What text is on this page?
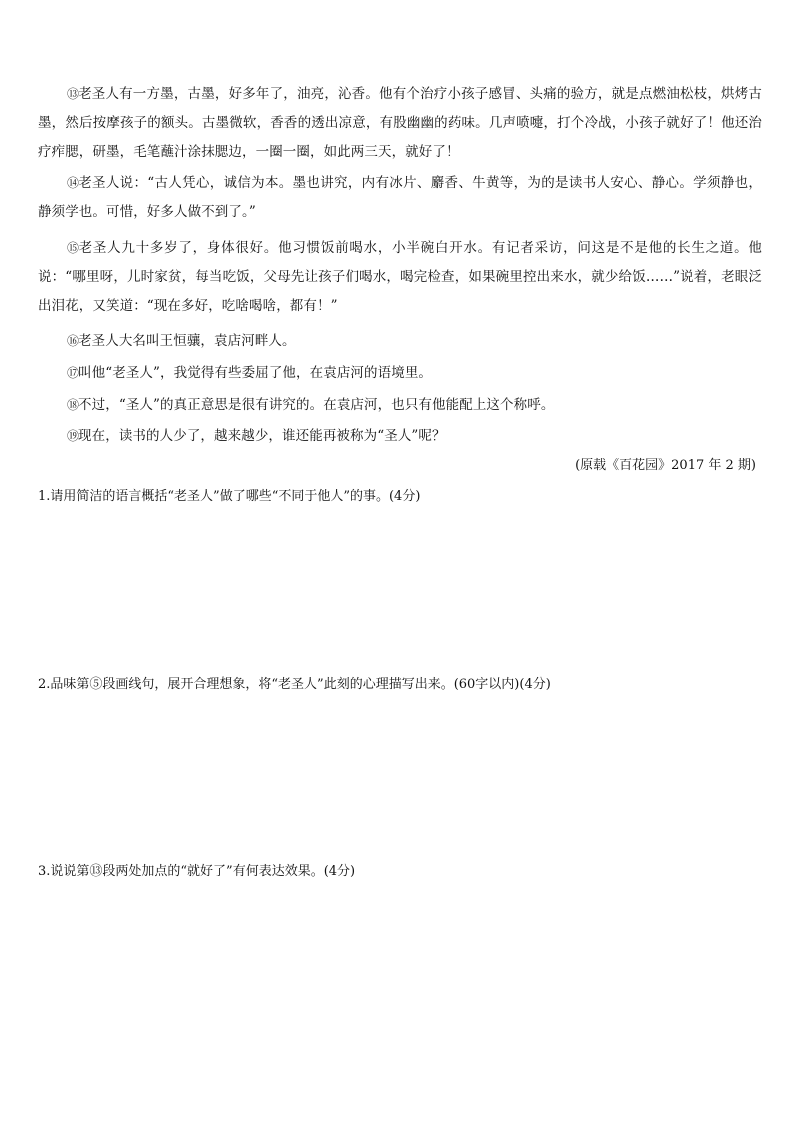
⑬老圣人有一方墨，古墨，好多年了，油亮，沁香。他有个治疗小孩子感冒、头痛的验方，就是点燃油松枝，烘烤古墨，然后按摩孩子的额头。古墨微软，香香的透出凉意，有股幽幽的药味。几声喷嚏，打个冷战，小孩子就好了！他还治疗痄腮，研墨，毛笔蘸汁涂抹腮边，一圈一圈，如此两三天，就好了！

⑭老圣人说：“古人凭心，诚信为本。墨也讲究，内有冰片、麝香、牛黄等，为的是读书人安心、静心。学须静也，静须学也。可惜，好多人做不到了。”

⑮老圣人九十多岁了，身体很好。他习惯饭前喝水，小半碗白开水。有记者采访，问这是不是他的长生之道。他说：“哪里呀，儿时家贫，每当吃饭，父母先让孩子们喝水，喝完检查，如果碗里控出来水，就少给饭……”说着，老眼泛出泪花，又笑道：“现在多好，吃啥喝啥，都有！”

⑯老圣人大名叫王恒骧，袁店河畔人。

⑰叫他“老圣人”，我觉得有些委屈了他，在袁店河的语境里。

⑱不过，“圣人”的真正意思是很有讲究的。在袁店河，也只有他能配上这个称呼。

⑲现在，读书的人少了，越来越少，谁还能再被称为“圣人”呢？

(原载《百花园》2017 年 2 期)

1.请用简洁的语言概括“老圣人”做了哪些“不同于他人”的事。(4分)

2.品味第⑤段画线句，展开合理想象，将“老圣人”此刻的心理描写出来。(60字以内)(4分)

3.说说第⑬段两处加点的“就好了”有何表达效果。(4分)
